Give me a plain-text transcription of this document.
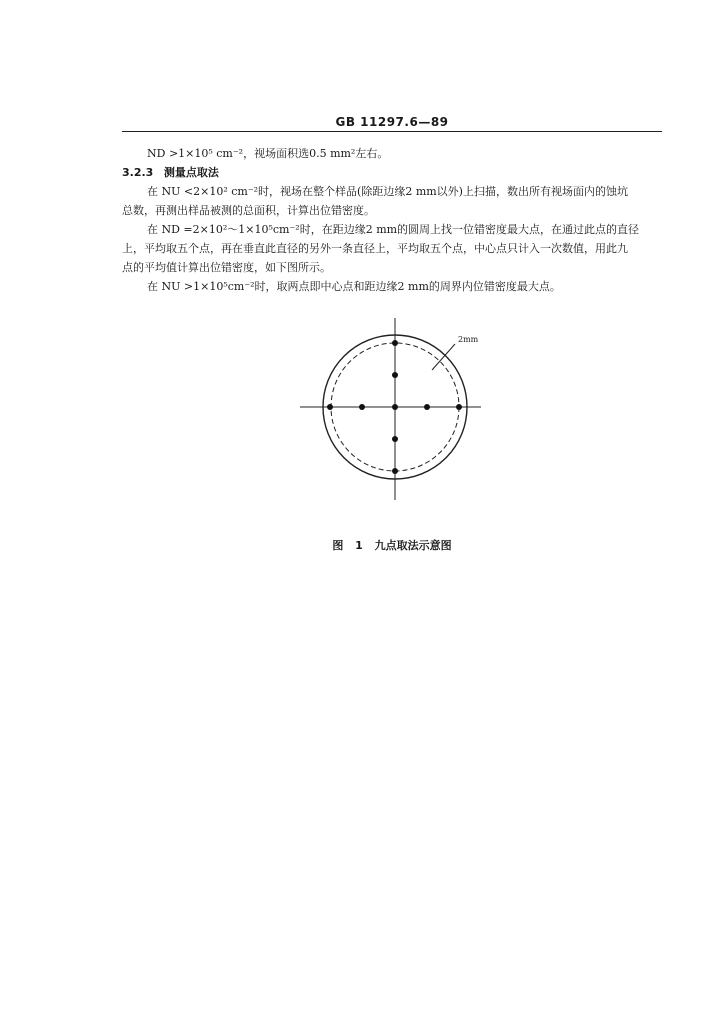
GB 11297.6—89
ND >1×10⁵ cm⁻²，视场面积选0.5 mm²左右。
3.2.3 测量点取法
在 NU <2×10² cm⁻²时，视场在整个样品(除距边缘2 mm以外)上扫描，数出所有视场面内的蚀坑
总数，再测出样品被测的总面积，计算出位错密度。
在 ND =2×10²～1×10⁵cm⁻²时，在距边缘2 mm的圆周上找一位错密度最大点，在通过此点的直径
上，平均取五个点，再在垂直此直径的另外一条直径上，平均取五个点，中心点只计入一次数值，用此九
点的平均值计算出位错密度，如下图所示。
在 NU >1×10⁵cm⁻²时，取两点即中心点和距边缘2 mm的周界内位错密度最大点。
2mm
图 1 九点取法示意图
